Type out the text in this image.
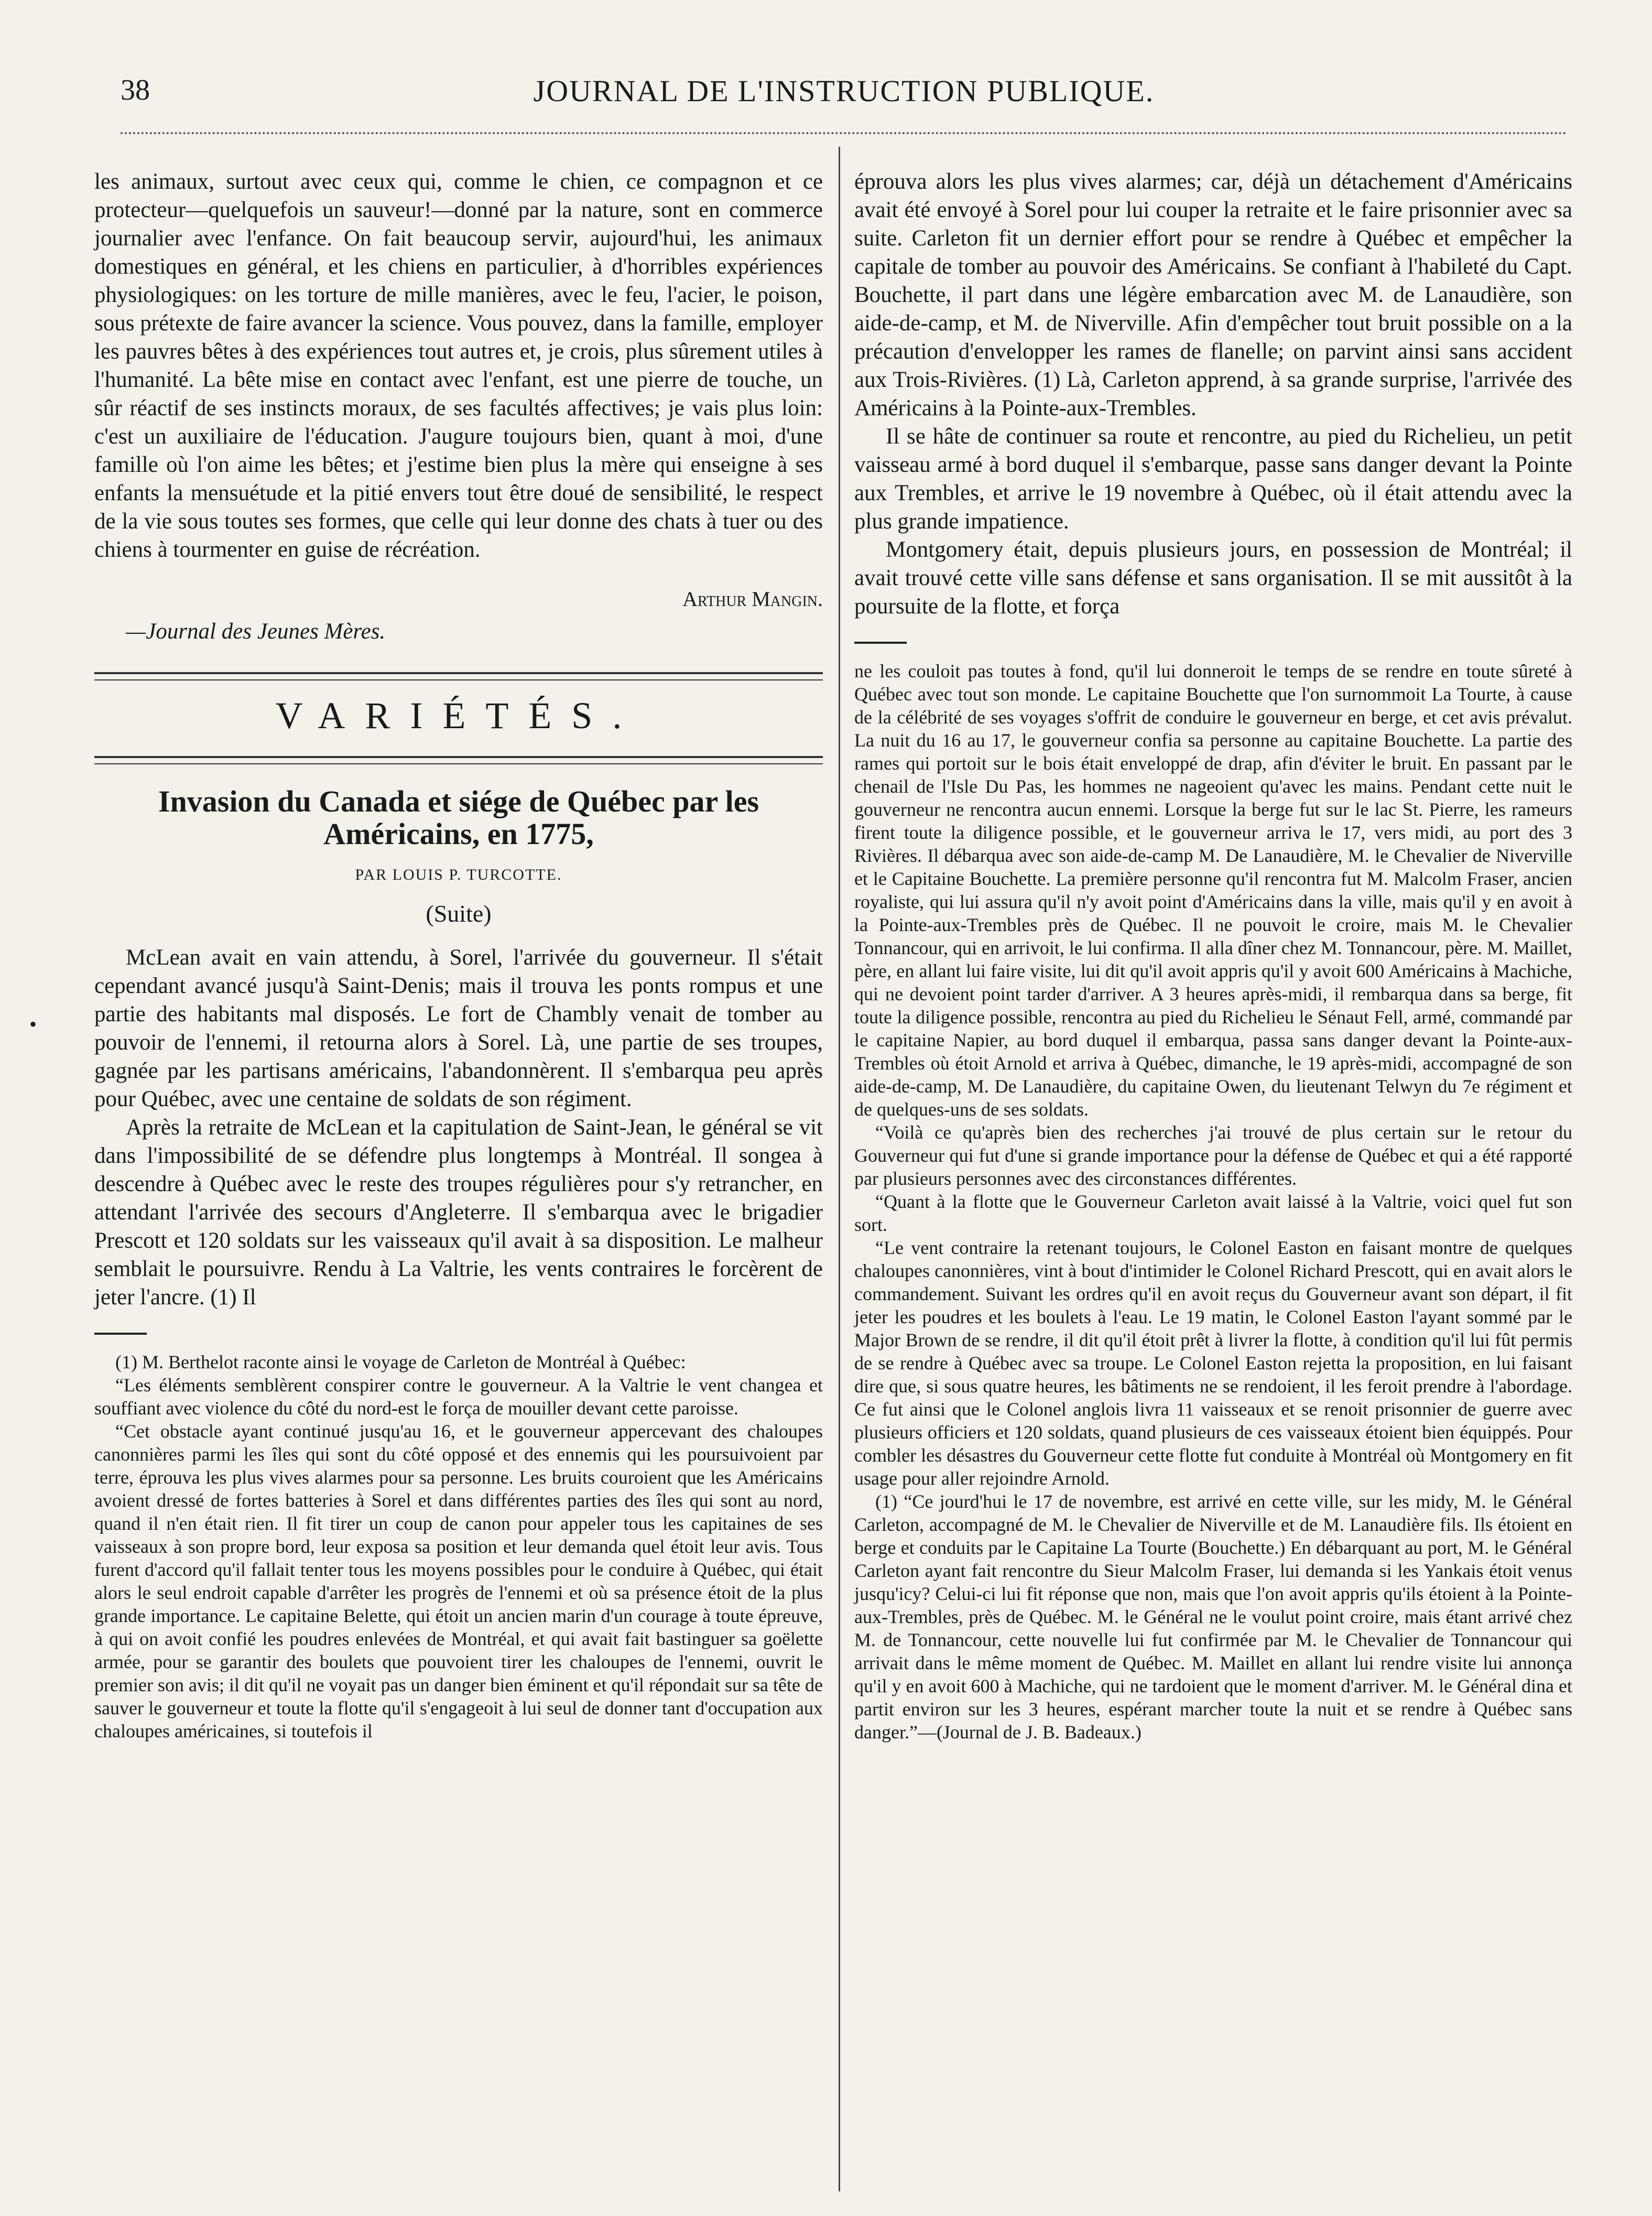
38	JOURNAL DE L'INSTRUCTION PUBLIQUE.
•

les animaux, surtout avec ceux qui, comme le chien, ce compagnon et ce protecteur—quelquefois un sauveur!—donné par la nature, sont en commerce journalier avec l'enfance. On fait beaucoup servir, aujourd'hui, les animaux domestiques en général, et les chiens en particulier, à d'horribles expériences physiologiques: on les torture de mille manières, avec le feu, l'acier, le poison, sous prétexte de faire avancer la science. Vous pouvez, dans la famille, employer les pauvres bêtes à des expériences tout autres et, je crois, plus sûrement utiles à l'humanité. La bête mise en contact avec l'enfant, est une pierre de touche, un sûr réactif de ses instincts moraux, de ses facultés affectives; je vais plus loin: c'est un auxiliaire de l'éducation. J'augure toujours bien, quant à moi, d'une famille où l'on aime les bêtes; et j'estime bien plus la mère qui enseigne à ses enfants la mensuétude et la pitié envers tout être doué de sensibilité, le respect de la vie sous toutes ses formes, que celle qui leur donne des chats à tuer ou des chiens à tourmenter en guise de récréation.

Arthur Mangin.
—Journal des Jeunes Mères.
VARIÉTÉS.
Invasion du Canada et siége de Québec par les Américains, en 1775,
PAR LOUIS P. TURCOTTE.
(Suite)

McLean avait en vain attendu, à Sorel, l'arrivée du gouverneur. Il s'était cependant avancé jusqu'à Saint-Denis; mais il trouva les ponts rompus et une partie des habitants mal disposés. Le fort de Chambly venait de tomber au pouvoir de l'ennemi, il retourna alors à Sorel. Là, une partie de ses troupes, gagnée par les partisans américains, l'abandonnèrent. Il s'embarqua peu après pour Québec, avec une centaine de soldats de son régiment.

Après la retraite de McLean et la capitulation de Saint-Jean, le général se vit dans l'impossibilité de se défendre plus longtemps à Montréal. Il songea à descendre à Québec avec le reste des troupes régulières pour s'y retrancher, en attendant l'arrivée des secours d'Angleterre. Il s'embarqua avec le brigadier Prescott et 120 soldats sur les vaisseaux qu'il avait à sa disposition. Le malheur semblait le poursuivre. Rendu à La Valtrie, les vents contraires le forcèrent de jeter l'ancre. (1) Il

(1) M. Berthelot raconte ainsi le voyage de Carleton de Montréal à Québec:

“Les éléments semblèrent conspirer contre le gouverneur. A la Valtrie le vent changea et souffiant avec violence du côté du nord-est le força de mouiller devant cette paroisse.

“Cet obstacle ayant continué jusqu'au 16, et le gouverneur appercevant des chaloupes canonnières parmi les îles qui sont du côté opposé et des ennemis qui les poursuivoient par terre, éprouva les plus vives alarmes pour sa personne. Les bruits couroient que les Américains avoient dressé de fortes batteries à Sorel et dans différentes parties des îles qui sont au nord, quand il n'en était rien. Il fit tirer un coup de canon pour appeler tous les capitaines de ses vaisseaux à son propre bord, leur exposa sa position et leur demanda quel étoit leur avis. Tous furent d'accord qu'il fallait tenter tous les moyens possibles pour le conduire à Québec, qui était alors le seul endroit capable d'arrêter les progrès de l'ennemi et où sa présence étoit de la plus grande importance. Le capitaine Belette, qui étoit un ancien marin d'un courage à toute épreuve, à qui on avoit confié les poudres enlevées de Montréal, et qui avait fait bastinguer sa goëlette armée, pour se garantir des boulets que pouvoient tirer les chaloupes de l'ennemi, ouvrit le premier son avis; il dit qu'il ne voyait pas un danger bien éminent et qu'il répondait sur sa tête de sauver le gouverneur et toute la flotte qu'il s'engageoit à lui seul de donner tant d'occupation aux chaloupes américaines, si toutefois il

éprouva alors les plus vives alarmes; car, déjà un détachement d'Américains avait été envoyé à Sorel pour lui couper la retraite et le faire prisonnier avec sa suite. Carleton fit un dernier effort pour se rendre à Québec et empêcher la capitale de tomber au pouvoir des Américains. Se confiant à l'habileté du Capt. Bouchette, il part dans une légère embarcation avec M. de Lanaudière, son aide-de-camp, et M. de Niverville. Afin d'empêcher tout bruit possible on a la précaution d'envelopper les rames de flanelle; on parvint ainsi sans accident aux Trois-Rivières. (1) Là, Carleton apprend, à sa grande surprise, l'arrivée des Américains à la Pointe-aux-Trembles.

Il se hâte de continuer sa route et rencontre, au pied du Richelieu, un petit vaisseau armé à bord duquel il s'embarque, passe sans danger devant la Pointe aux Trembles, et arrive le 19 novembre à Québec, où il était attendu avec la plus grande impatience.

Montgomery était, depuis plusieurs jours, en possession de Montréal; il avait trouvé cette ville sans défense et sans organisation. Il se mit aussitôt à la poursuite de la flotte, et força

ne les couloit pas toutes à fond, qu'il lui donneroit le temps de se rendre en toute sûreté à Québec avec tout son monde. Le capitaine Bouchette que l'on surnommoit La Tourte, à cause de la célébrité de ses voyages s'offrit de conduire le gouverneur en berge, et cet avis prévalut. La nuit du 16 au 17, le gouverneur confia sa personne au capitaine Bouchette. La partie des rames qui portoit sur le bois était enveloppé de drap, afin d'éviter le bruit. En passant par le chenail de l'Isle Du Pas, les hommes ne nageoient qu'avec les mains. Pendant cette nuit le gouverneur ne rencontra aucun ennemi. Lorsque la berge fut sur le lac St. Pierre, les rameurs firent toute la diligence possible, et le gouverneur arriva le 17, vers midi, au port des 3 Rivières. Il débarqua avec son aide-de-camp M. De Lanaudière, M. le Chevalier de Niverville et le Capitaine Bouchette. La première personne qu'il rencontra fut M. Malcolm Fraser, ancien royaliste, qui lui assura qu'il n'y avoit point d'Américains dans la ville, mais qu'il y en avoit à la Pointe-aux-Trembles près de Québec. Il ne pouvoit le croire, mais M. le Chevalier Tonnancour, qui en arrivoit, le lui confirma. Il alla dîner chez M. Tonnancour, père. M. Maillet, père, en allant lui faire visite, lui dit qu'il avoit appris qu'il y avoit 600 Américains à Machiche, qui ne devoient point tarder d'arriver. A 3 heures après-midi, il rembarqua dans sa berge, fit toute la diligence possible, rencontra au pied du Richelieu le Sénaut Fell, armé, commandé par le capitaine Napier, au bord duquel il embarqua, passa sans danger devant la Pointe-aux-Trembles où étoit Arnold et arriva à Québec, dimanche, le 19 après-midi, accompagné de son aide-de-camp, M. De Lanaudière, du capitaine Owen, du lieutenant Telwyn du 7e régiment et de quelques-uns de ses soldats.

“Voilà ce qu'après bien des recherches j'ai trouvé de plus certain sur le retour du Gouverneur qui fut d'une si grande importance pour la défense de Québec et qui a été rapporté par plusieurs personnes avec des circonstances différentes.

“Quant à la flotte que le Gouverneur Carleton avait laissé à la Valtrie, voici quel fut son sort.

“Le vent contraire la retenant toujours, le Colonel Easton en faisant montre de quelques chaloupes canonnières, vint à bout d'intimider le Colonel Richard Prescott, qui en avait alors le commandement. Suivant les ordres qu'il en avoit reçus du Gouverneur avant son départ, il fit jeter les poudres et les boulets à l'eau. Le 19 matin, le Colonel Easton l'ayant sommé par le Major Brown de se rendre, il dit qu'il étoit prêt à livrer la flotte, à condition qu'il lui fût permis de se rendre à Québec avec sa troupe. Le Colonel Easton rejetta la proposition, en lui faisant dire que, si sous quatre heures, les bâtiments ne se rendoient, il les feroit prendre à l'abordage. Ce fut ainsi que le Colonel anglois livra 11 vaisseaux et se renoit prisonnier de guerre avec plusieurs officiers et 120 soldats, quand plusieurs de ces vaisseaux étoient bien équippés. Pour combler les désastres du Gouverneur cette flotte fut conduite à Montréal où Montgomery en fit usage pour aller rejoindre Arnold.

(1) “Ce jourd'hui le 17 de novembre, est arrivé en cette ville, sur les midy, M. le Général Carleton, accompagné de M. le Chevalier de Niverville et de M. Lanaudière fils. Ils étoient en berge et conduits par le Capitaine La Tourte (Bouchette.) En débarquant au port, M. le Général Carleton ayant fait rencontre du Sieur Malcolm Fraser, lui demanda si les Yankais étoit venus jusqu'icy? Celui-ci lui fit réponse que non, mais que l'on avoit appris qu'ils étoient à la Pointe-aux-Trembles, près de Québec. M. le Général ne le voulut point croire, mais étant arrivé chez M. de Tonnancour, cette nouvelle lui fut confirmée par M. le Chevalier de Tonnancour qui arrivait dans le même moment de Québec. M. Maillet en allant lui rendre visite lui annonça qu'il y en avoit 600 à Machiche, qui ne tardoient que le moment d'arriver. M. le Général dina et partit environ sur les 3 heures, espérant marcher toute la nuit et se rendre à Québec sans danger.”—(Journal de J. B. Badeaux.)
